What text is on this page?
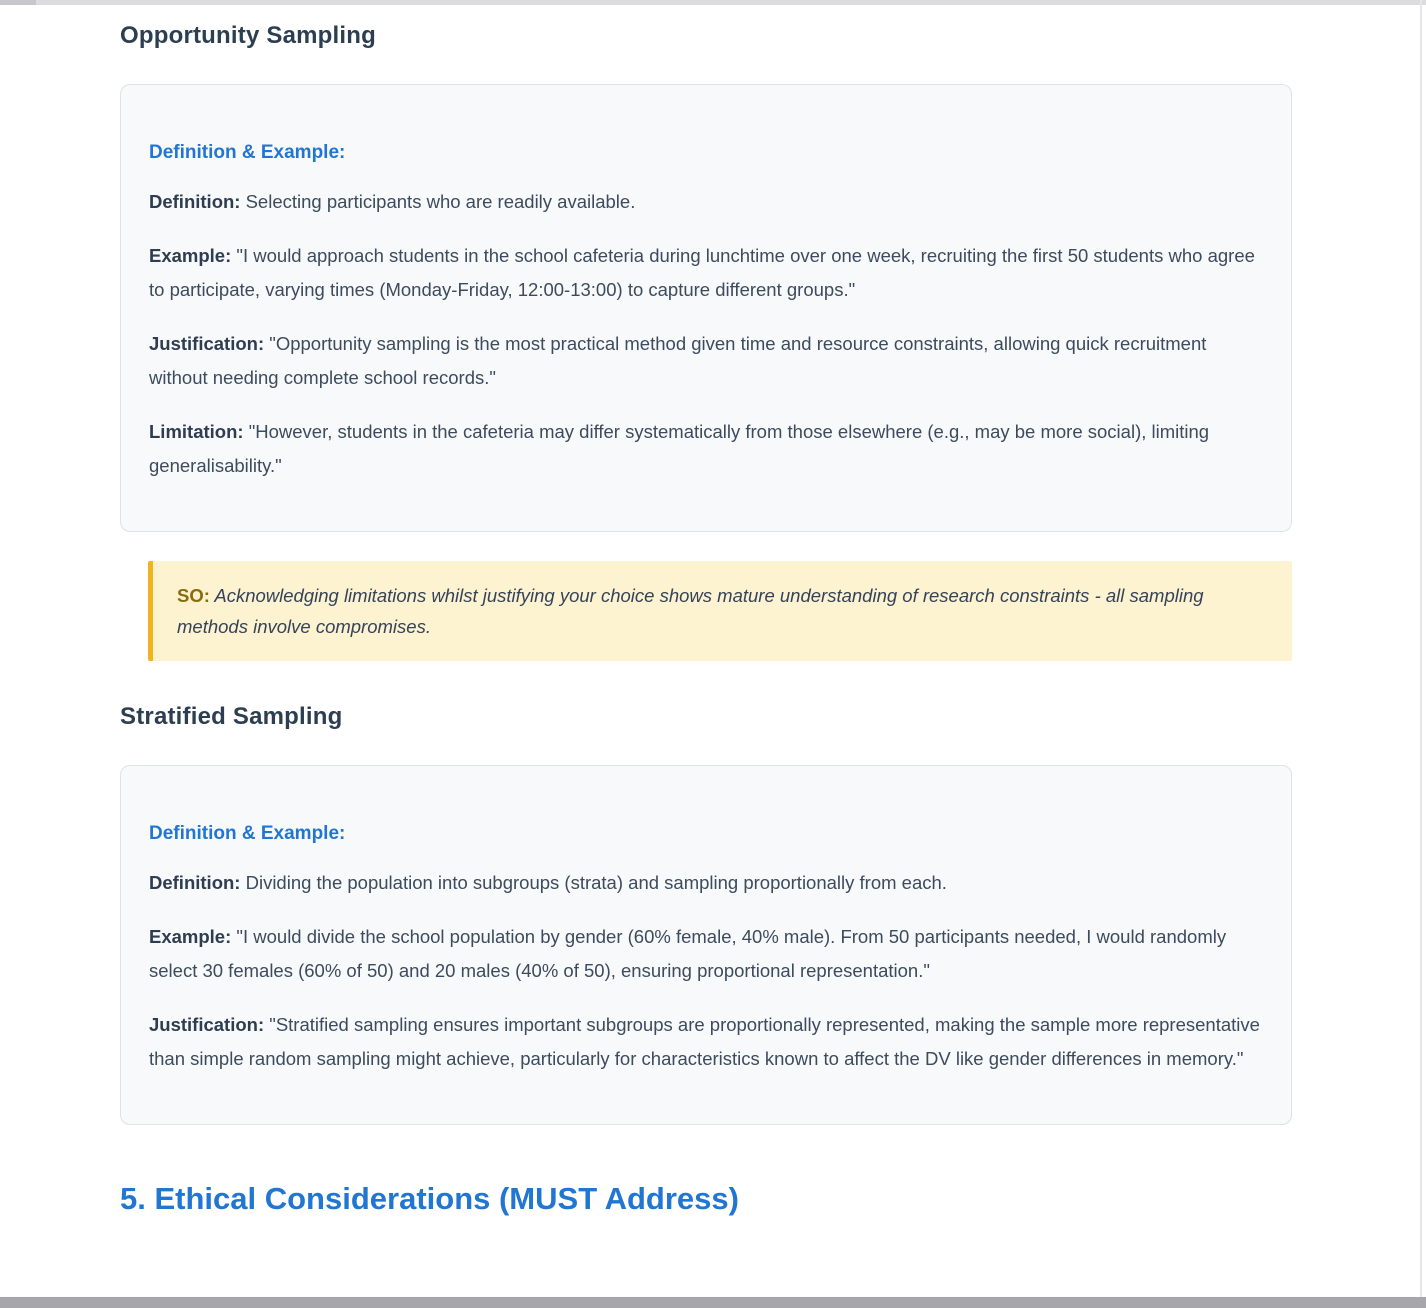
Opportunity Sampling
Definition & Example:

Definition: Selecting participants who are readily available.

Example: "I would approach students in the school cafeteria during lunchtime over one week, recruiting the first 50 students who agree to participate, varying times (Monday-Friday, 12:00-13:00) to capture different groups."

Justification: "Opportunity sampling is the most practical method given time and resource constraints, allowing quick recruitment without needing complete school records."

Limitation: "However, students in the cafeteria may differ systematically from those elsewhere (e.g., may be more social), limiting generalisability."

SO: Acknowledging limitations whilst justifying your choice shows mature understanding of research constraints - all sampling methods involve compromises.
Stratified Sampling
Definition & Example:

Definition: Dividing the population into subgroups (strata) and sampling proportionally from each.

Example: "I would divide the school population by gender (60% female, 40% male). From 50 participants needed, I would randomly select 30 females (60% of 50) and 20 males (40% of 50), ensuring proportional representation."

Justification: "Stratified sampling ensures important subgroups are proportionally represented, making the sample more representative than simple random sampling might achieve, particularly for characteristics known to affect the DV like gender differences in memory."

5. Ethical Considerations (MUST Address)
